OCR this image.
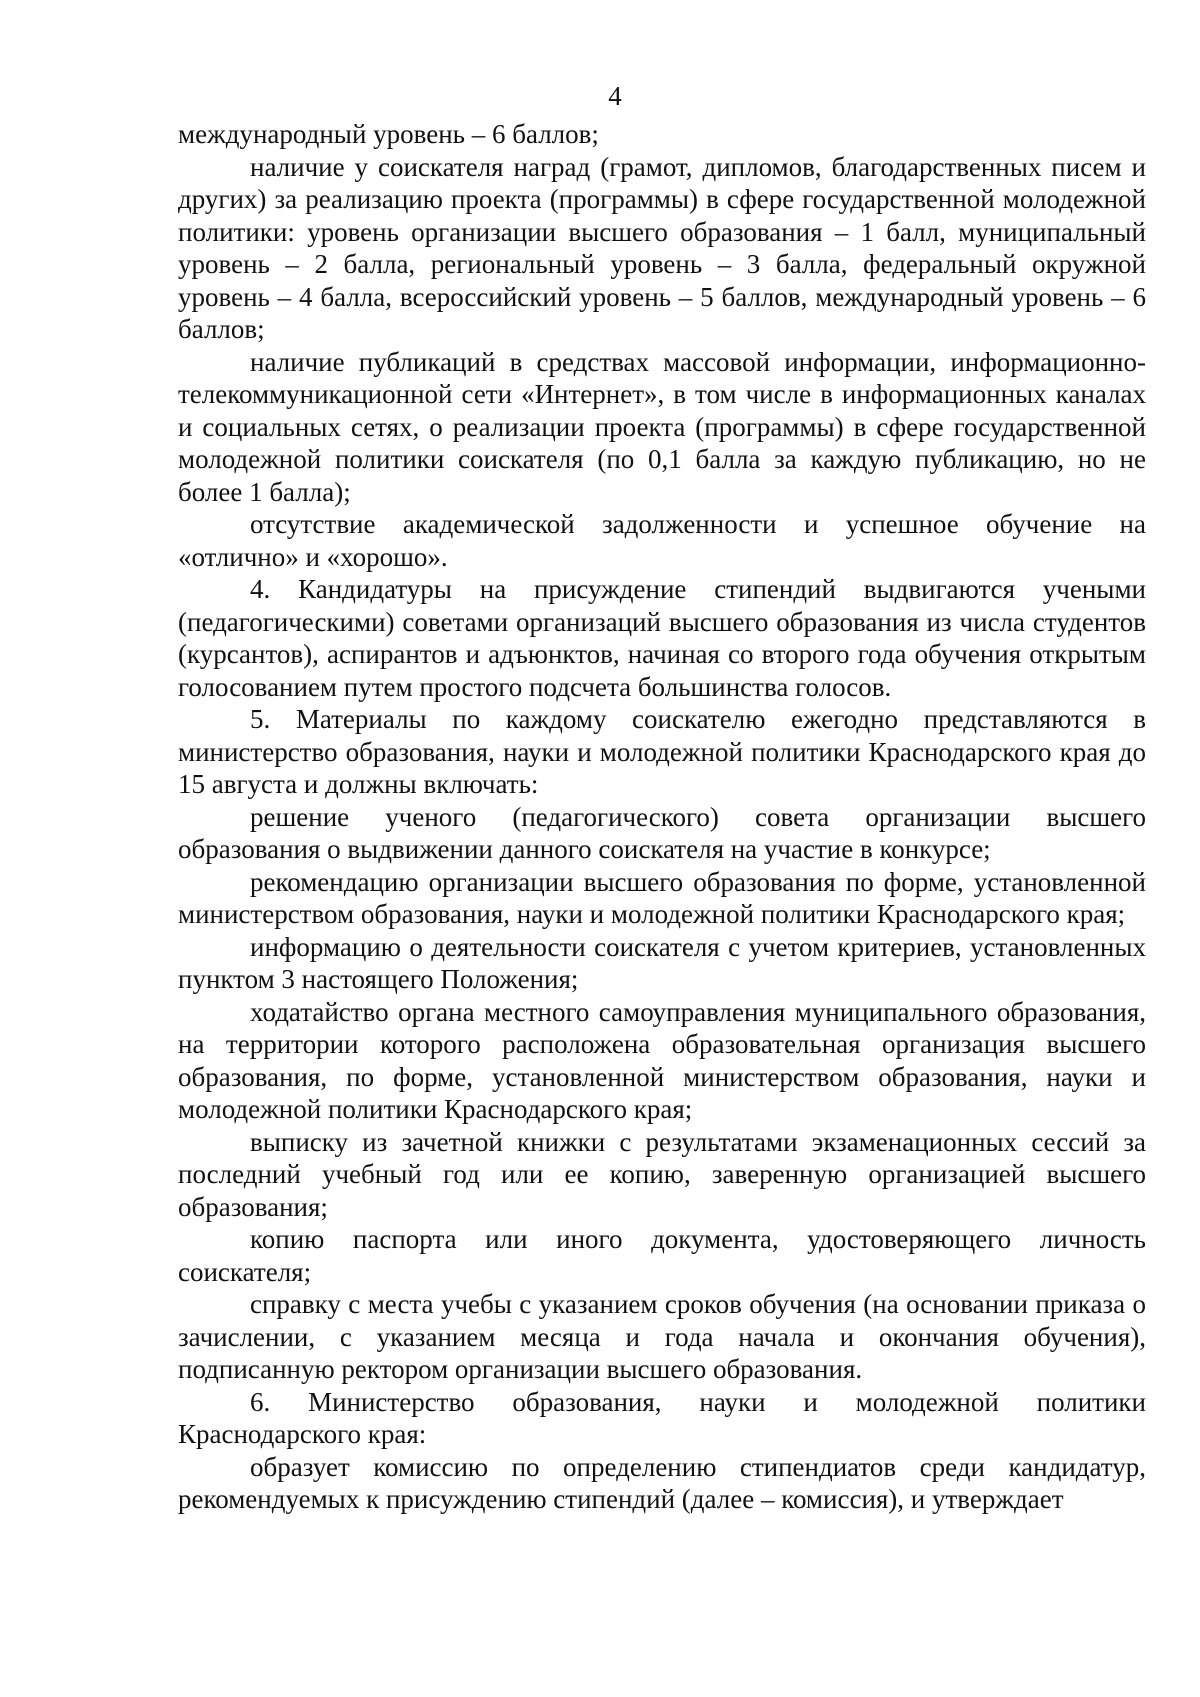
4

международный уровень – 6 баллов;

наличие у соискателя наград (грамот, дипломов, благодарственных писем и других) за реализацию проекта (программы) в сфере государственной молодежной политики: уровень организации высшего образования – 1 балл, муниципальный уровень – 2 балла, региональный уровень – 3 балла, федеральный окружной уровень – 4 балла, всероссийский уровень – 5 баллов, международный уровень – 6 баллов;

наличие публикаций в средствах массовой информации, информационно-телекоммуникационной сети «Интернет», в том числе в информационных каналах и социальных сетях, о реализации проекта (программы) в сфере государственной молодежной политики соискателя (по 0,1 балла за каждую публикацию, но не более 1 балла);

отсутствие академической задолженности и успешное обучение на «отлично» и «хорошо».

4. Кандидатуры на присуждение стипендий выдвигаются учеными (педагогическими) советами организаций высшего образования из числа студентов (курсантов), аспирантов и адъюнктов, начиная со второго года обучения открытым голосованием путем простого подсчета большинства голосов.

5. Материалы по каждому соискателю ежегодно представляются в министерство образования, науки и молодежной политики Краснодарского края до 15 августа и должны включать:

решение ученого (педагогического) совета организации высшего образования о выдвижении данного соискателя на участие в конкурсе;

рекомендацию организации высшего образования по форме, установленной министерством образования, науки и молодежной политики Краснодарского края;

информацию о деятельности соискателя с учетом критериев, установленных пунктом 3 настоящего Положения;

ходатайство органа местного самоуправления муниципального образования, на территории которого расположена образовательная организация высшего образования, по форме, установленной министерством образования, науки и молодежной политики Краснодарского края;

выписку из зачетной книжки с результатами экзаменационных сессий за последний учебный год или ее копию, заверенную организацией высшего образования;

копию паспорта или иного документа, удостоверяющего личность соискателя;

справку с места учебы с указанием сроков обучения (на основании приказа о зачислении, с указанием месяца и года начала и окончания обучения), подписанную ректором организации высшего образования.

6. Министерство образования, науки и молодежной политики Краснодарского края:

образует комиссию по определению стипендиатов среди кандидатур, рекомендуемых к присуждению стипендий (далее – комиссия), и утверждает
